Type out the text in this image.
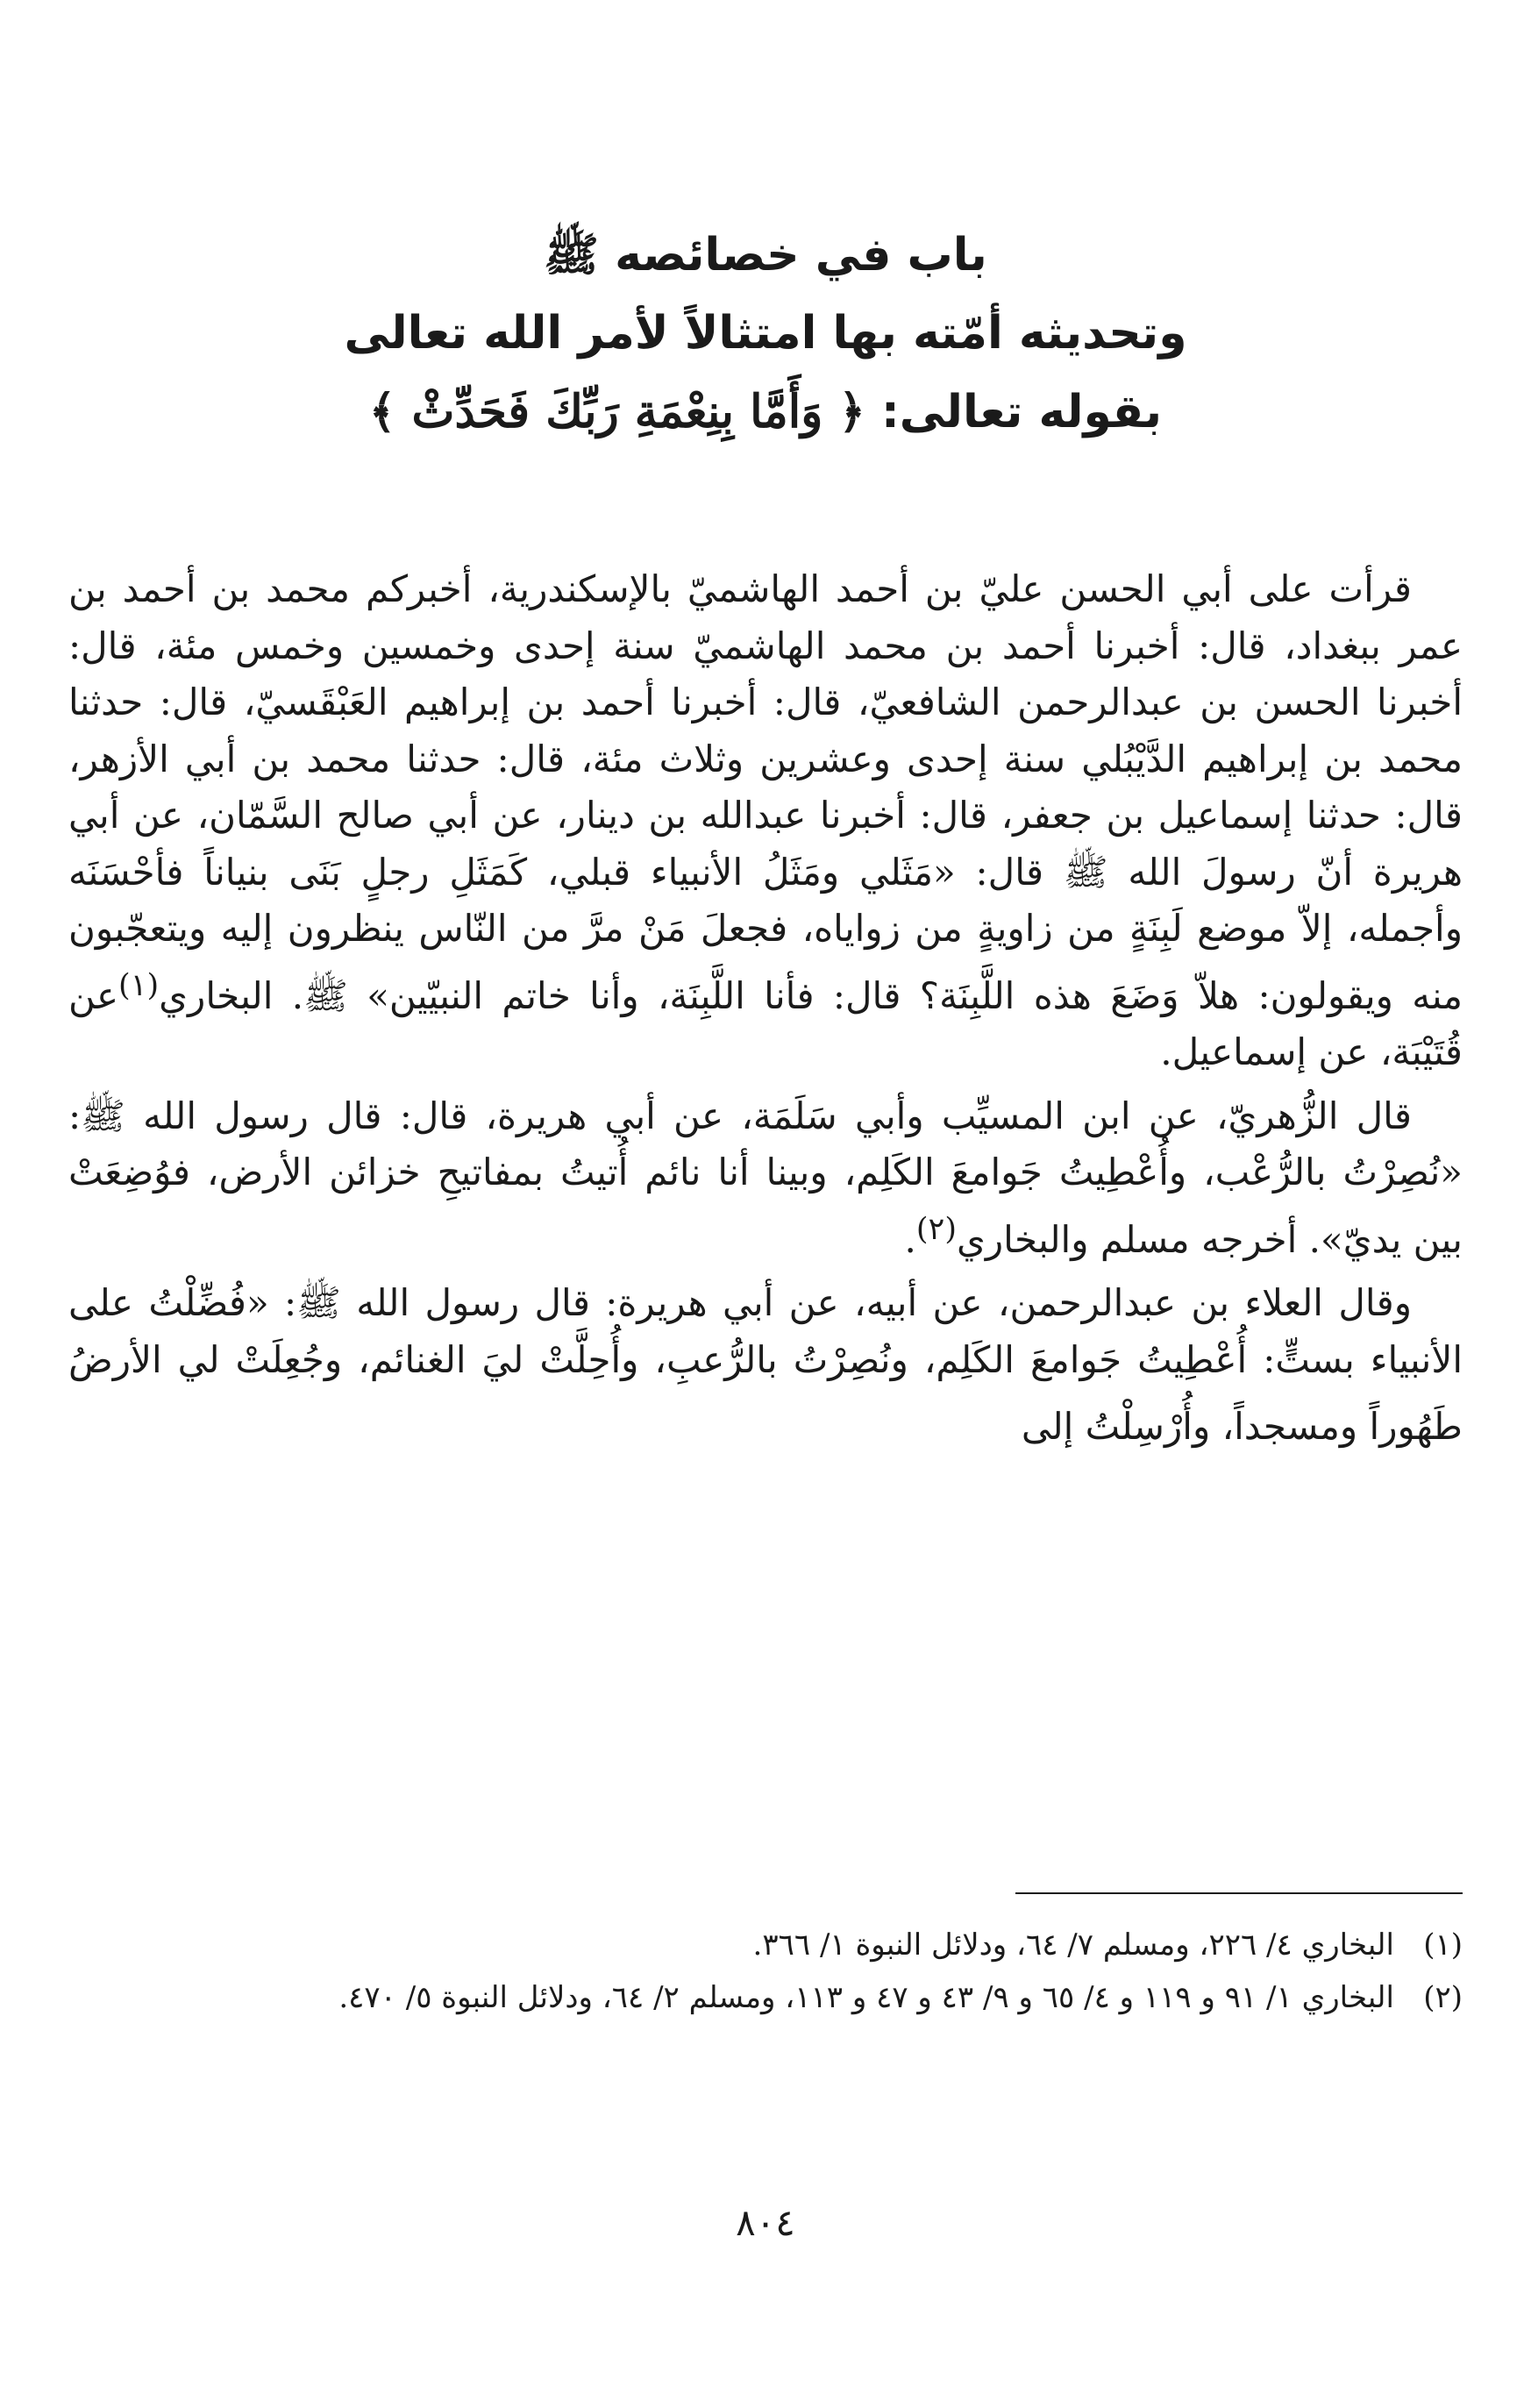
باب في خصائصه ﷺ

وتحديثه أمّته بها امتثالاً لأمر الله تعالى

بقوله تعالى: ﴿ وَأَمَّا بِنِعْمَةِ رَبِّكَ فَحَدِّثْ ﴾

قرأت على أبي الحسن عليّ بن أحمد الهاشميّ بالإسكندرية، أخبركم محمد بن أحمد بن عمر ببغداد، قال: أخبرنا أحمد بن محمد الهاشميّ سنة إحدى وخمسين وخمس مئة، قال: أخبرنا الحسن بن عبدالرحمن الشافعيّ، قال: أخبرنا أحمد بن إبراهيم العَبْقَسيّ، قال: حدثنا محمد بن إبراهيم الدَّيْبُلي سنة إحدى وعشرين وثلاث مئة، قال: حدثنا محمد بن أبي الأزهر، قال: حدثنا إسماعيل بن جعفر، قال: أخبرنا عبدالله بن دينار، عن أبي صالح السَّمّان، عن أبي هريرة أنّ رسولَ الله ﷺ قال: «مَثَلي ومَثَلُ الأنبياء قبلي، كَمَثَلِ رجلٍ بَنَى بنياناً فأحْسَنَه وأجمله، إلاّ موضع لَبِنَةٍ من زاويةٍ من زواياه، فجعلَ مَنْ مرَّ من النّاس ينظرون إليه ويتعجّبون منه ويقولون: هلاّ وَضَعَ هذه اللَّبِنَة؟ قال: فأنا اللَّبِنَة، وأنا خاتم النبيّين» ﷺ. البخاري$^{(١)}$عن قُتَيْبَة، عن إسماعيل.

قال الزُّهريّ، عن ابن المسيِّب وأبي سَلَمَة، عن أبي هريرة، قال: قال رسول الله ﷺ: «نُصِرْتُ بالرُّعْب، وأُعْطِيتُ جَوامعَ الكَلِم، وبينا أنا نائم أُتيتُ بمفاتيحِ خزائن الأرض، فوُضِعَتْ بين يديّ». أخرجه مسلم والبخاري$^{(٢)}$.

وقال العلاء بن عبدالرحمن، عن أبيه، عن أبي هريرة: قال رسول الله ﷺ: «فُضِّلْتُ على الأنبياء بستٍّ: أُعْطِيتُ جَوامعَ الكَلِم، ونُصِرْتُ بالرُّعبِ، وأُحِلَّتْ ليَ الغنائم، وجُعِلَتْ لي الأرضُ طَهُوراً ومسجداً، وأُرْسِلْتُ إلى

(١)
البخاري ٤/ ٢٢٦، ومسلم ٧/ ٦٤، ودلائل النبوة ١/ ٣٦٦.
(٢)
البخاري ١/ ٩١ و ١١٩ و ٤/ ٦٥ و ٩/ ٤٣ و ٤٧ و ١١٣، ومسلم ٢/ ٦٤، ودلائل النبوة ٥/ ٤٧٠.
٨٠٤
